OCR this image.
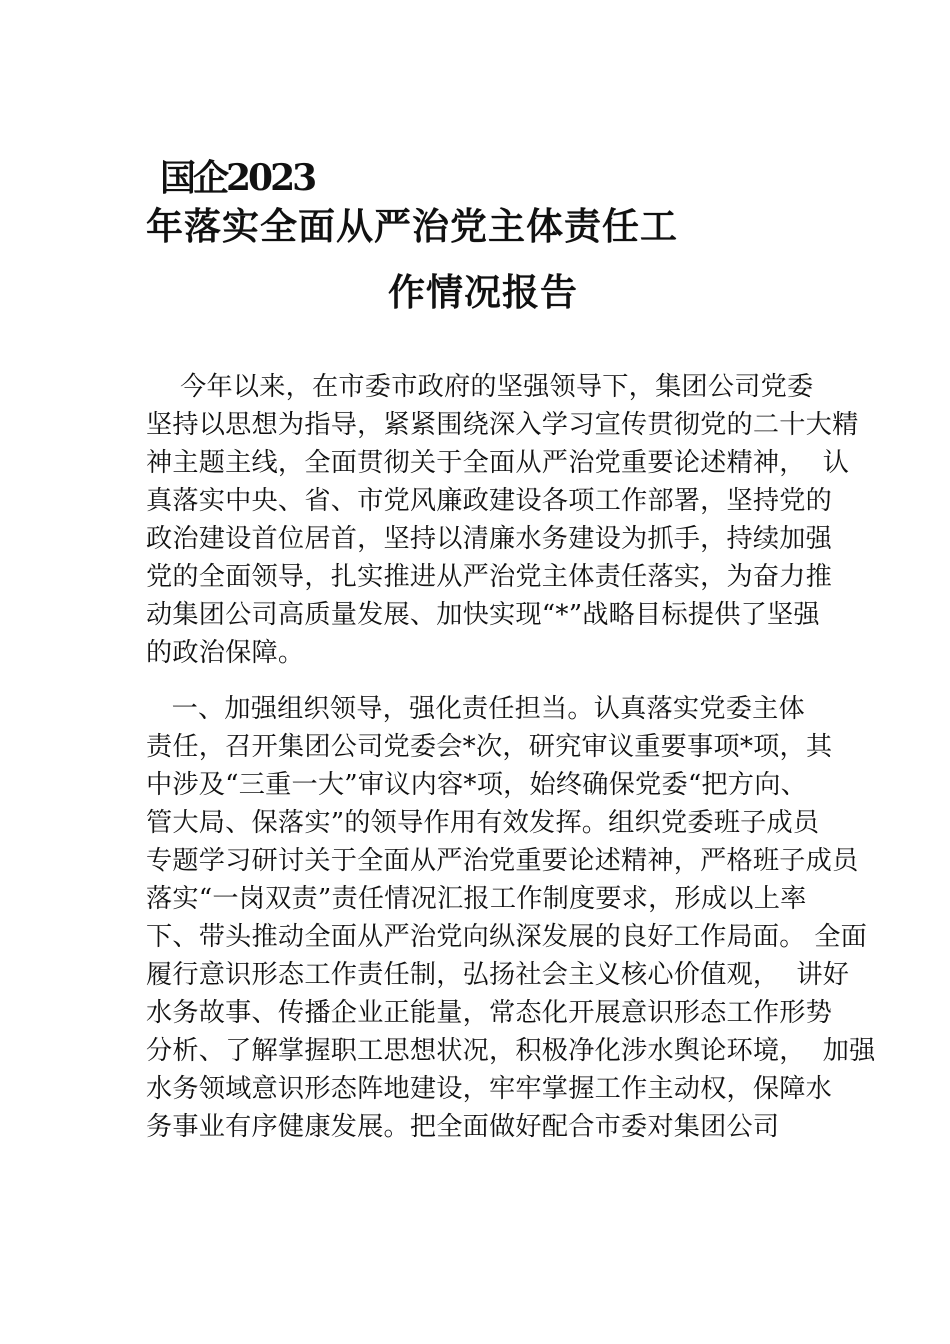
国企2023
年落实全面从严治党主体责任工
作情况报告
今年以来，在市委市政府的坚强领导下，集团公司党委
坚持以思想为指导，紧紧围绕深入学习宣传贯彻党的二十大精
神主题主线，全面贯彻关于全面从严治党重要论述精神，  认
真落实中央、省、市党风廉政建设各项工作部署，坚持党的
政治建设首位居首，坚持以清廉水务建设为抓手，持续加强
党的全面领导，扎实推进从严治党主体责任落实，为奋力推
动集团公司高质量发展、加快实现“*”战略目标提供了坚强
的政治保障。
一、加强组织领导，强化责任担当。认真落实党委主体
责任，召开集团公司党委会*次，研究审议重要事项*项，其
中涉及“三重一大”审议内容*项，始终确保党委“把方向、
管大局、保落实”的领导作用有效发挥。组织党委班子成员
专题学习研讨关于全面从严治党重要论述精神，严格班子成员
落实“一岗双责”责任情况汇报工作制度要求，形成以上率
下、带头推动全面从严治党向纵深发展的良好工作局面。 全面
履行意识形态工作责任制，弘扬社会主义核心价值观，  讲好
水务故事、传播企业正能量，常态化开展意识形态工作形势
分析、了解掌握职工思想状况，积极净化涉水舆论环境，  加强
水务领域意识形态阵地建设，牢牢掌握工作主动权，保障水
务事业有序健康发展。把全面做好配合市委对集团公司
